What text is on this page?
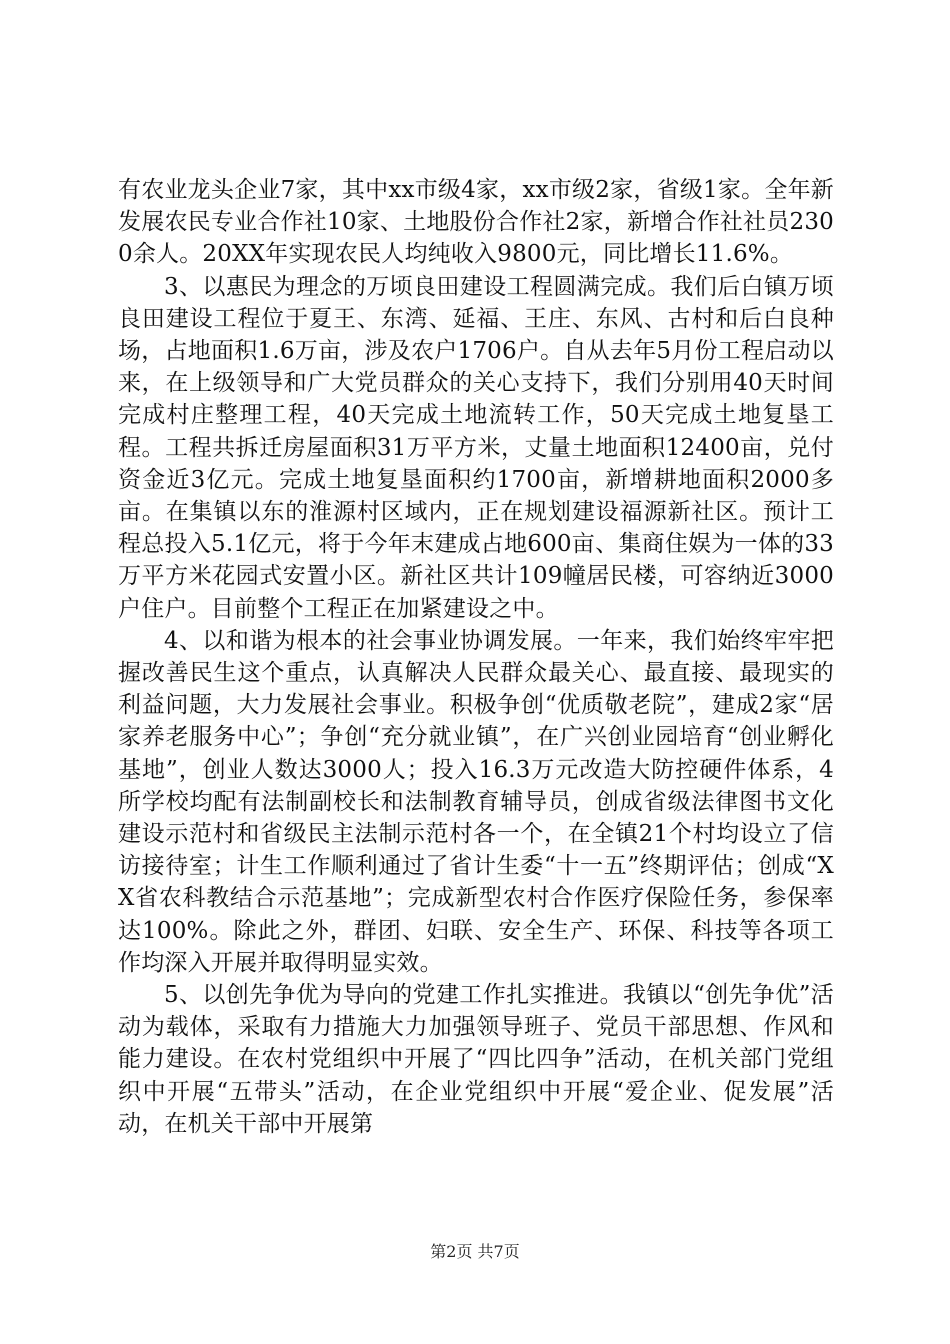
有农业龙头企业7家，其中xx市级4家，xx市级2家，省级1家。全年新发展农民专业合作社10家、土地股份合作社2家，新增合作社社员2300余人。20XX年实现农民人均纯收入9800元，同比增长11.6%。

3、以惠民为理念的万顷良田建设工程圆满完成。我们后白镇万顷良田建设工程位于夏王、东湾、延福、王庄、东风、古村和后白良种场，占地面积1.6万亩，涉及农户1706户。自从去年5月份工程启动以来，在上级领导和广大党员群众的关心支持下，我们分别用40天时间完成村庄整理工程，40天完成土地流转工作，50天完成土地复垦工程。工程共拆迁房屋面积31万平方米，丈量土地面积12400亩，兑付资金近3亿元。完成土地复垦面积约1700亩，新增耕地面积2000多亩。在集镇以东的淮源村区域内，正在规划建设福源新社区。预计工程总投入5.1亿元，将于今年末建成占地600亩、集商住娱为一体的33万平方米花园式安置小区。新社区共计109幢居民楼，可容纳近3000户住户。目前整个工程正在加紧建设之中。

4、以和谐为根本的社会事业协调发展。一年来，我们始终牢牢把握改善民生这个重点，认真解决人民群众最关心、最直接、最现实的利益问题，大力发展社会事业。积极争创“优质敬老院”，建成2家“居家养老服务中心”；争创“充分就业镇”，在广兴创业园培育“创业孵化基地”，创业人数达3000人；投入16.3万元改造大防控硬件体系，4所学校均配有法制副校长和法制教育辅导员，创成省级法律图书文化建设示范村和省级民主法制示范村各一个，在全镇21个村均设立了信访接待室；计生工作顺利通过了省计生委“十一五”终期评估；创成“XX省农科教结合示范基地”；完成新型农村合作医疗保险任务，参保率达100%。除此之外，群团、妇联、安全生产、环保、科技等各项工作均深入开展并取得明显实效。

5、以创先争优为导向的党建工作扎实推进。我镇以“创先争优”活动为载体，采取有力措施大力加强领导班子、党员干部思想、作风和能力建设。在农村党组织中开展了“四比四争”活动，在机关部门党组织中开展“五带头”活动，在企业党组织中开展“爱企业、促发展”活动，在机关干部中开展第

第2页 共7页
